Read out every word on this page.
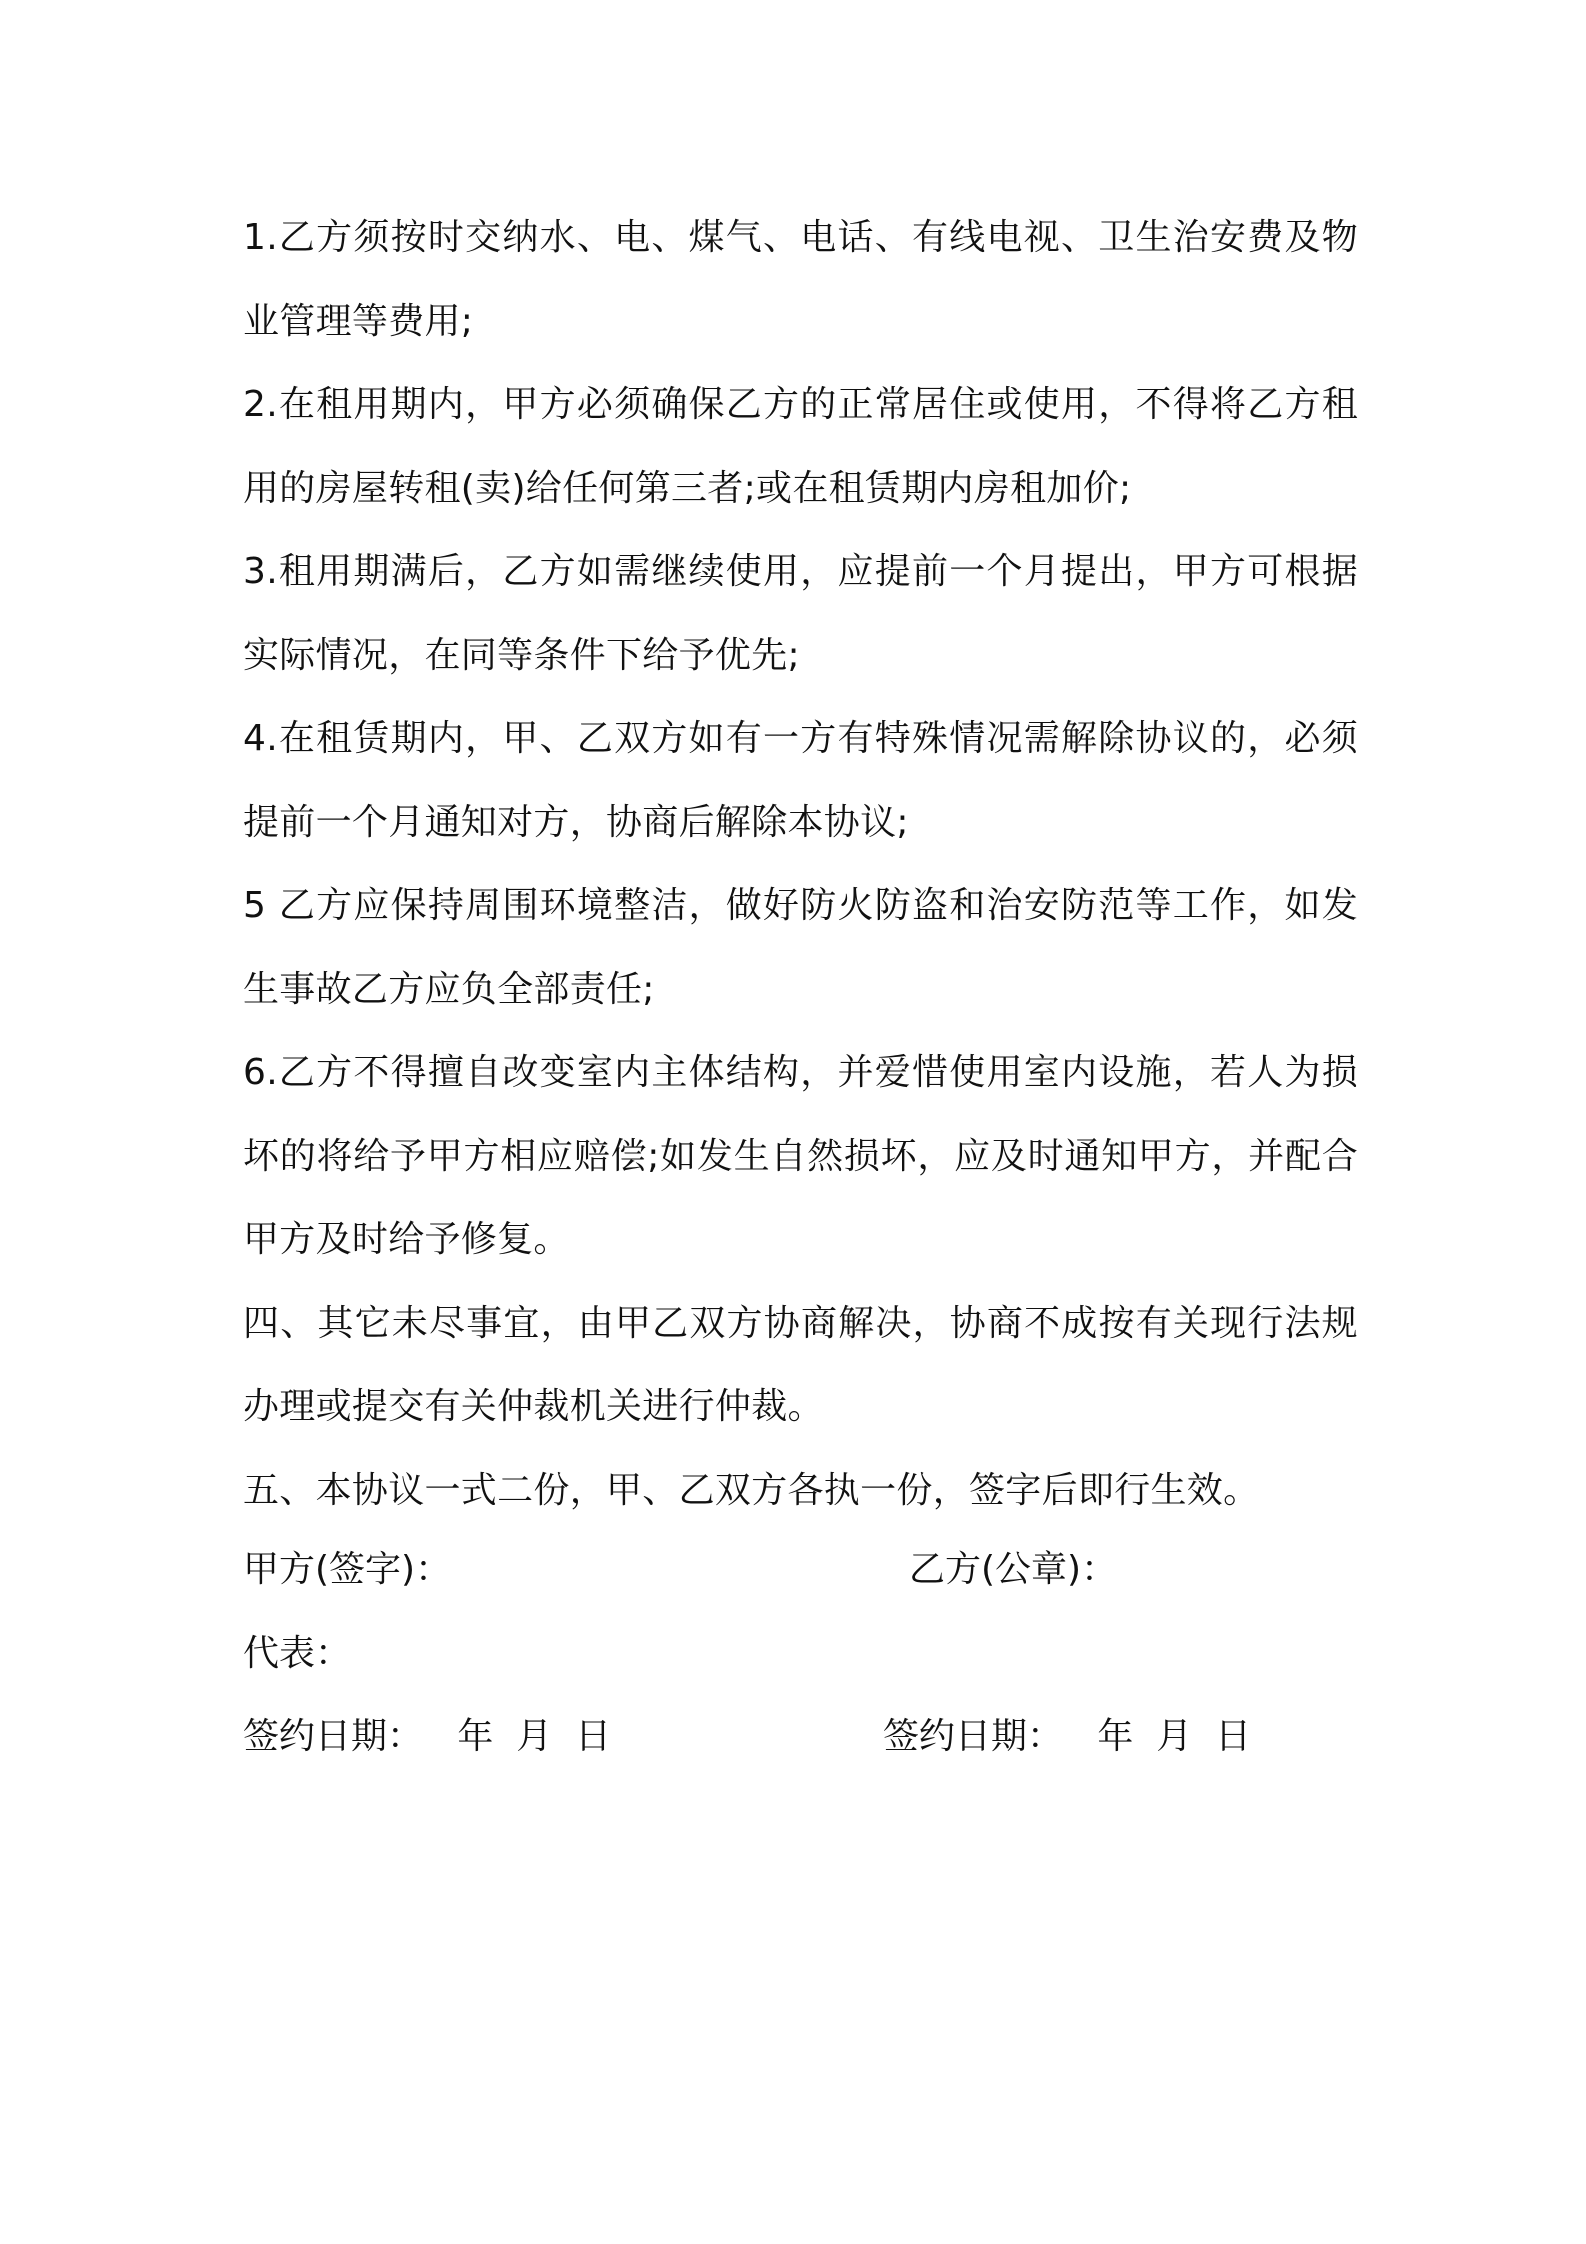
1.乙方须按时交纳水、电、煤气、电话、有线电视、卫生治安费及物业管理等费用;

2.在租用期内，甲方必须确保乙方的正常居住或使用，不得将乙方租用的房屋转租(卖)给任何第三者;或在租赁期内房租加价;

3.租用期满后，乙方如需继续使用，应提前一个月提出，甲方可根据实际情况，在同等条件下给予优先;

4.在租赁期内，甲、乙双方如有一方有特殊情况需解除协议的，必须提前一个月通知对方，协商后解除本协议;

5 乙方应保持周围环境整洁，做好防火防盗和治安防范等工作，如发生事故乙方应负全部责任;

6.乙方不得擅自改变室内主体结构，并爱惜使用室内设施，若人为损坏的将给予甲方相应赔偿;如发生自然损坏，应及时通知甲方，并配合甲方及时给予修复。

四、其它未尽事宜，由甲乙双方协商解决，协商不成按有关现行法规办理或提交有关仲裁机关进行仲裁。

五、本协议一式二份，甲、乙双方各执一份，签字后即行生效。

甲方(签字)：

	乙方(公章)：

代表：

签约日期：   年  月  日

	签约日期：   年  月  日
